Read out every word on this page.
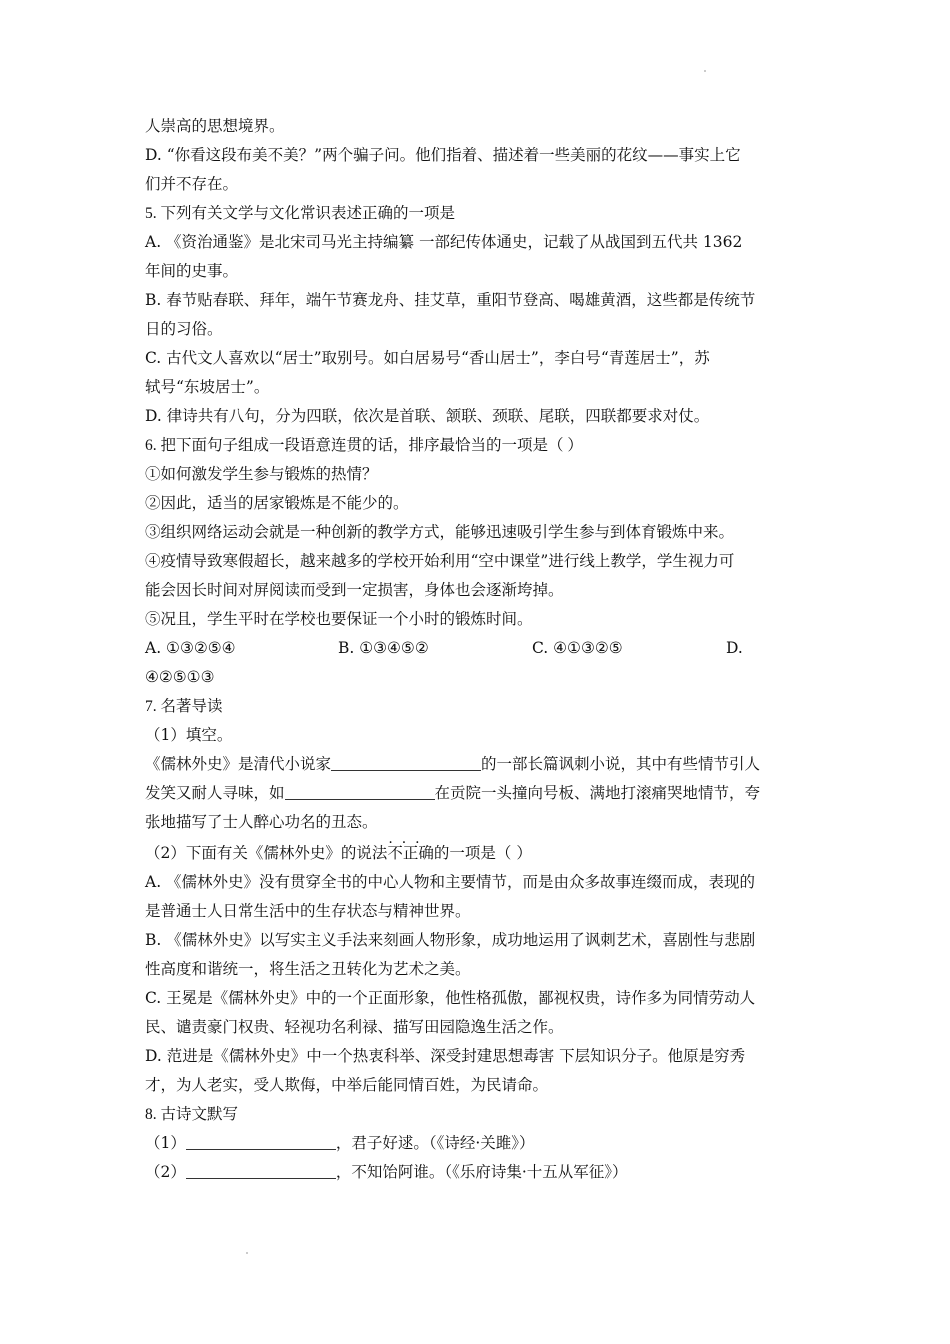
人崇高的思想境界。
D. “你看这段布美不美？”两个骗子问。他们指着、描述着一些美丽的花纹——事实上它
们并不存在。
5. 下列有关文学与文化常识表述正确的一项是
A. 《资治通鉴》是北宋司马光主持编纂 一部纪传体通史，记载了从战国到五代共 1362
年间的史事。
B. 春节贴春联、拜年，端午节赛龙舟、挂艾草，重阳节登高、喝雄黄酒，这些都是传统节
日的习俗。
C. 古代文人喜欢以“居士”取别号。如白居易号“香山居士”，李白号“青莲居士”，苏
轼号“东坡居士”。
D. 律诗共有八句，分为四联，依次是首联、颔联、颈联、尾联，四联都要求对仗。
6. 把下面句子组成一段语意连贯的话，排序最恰当的一项是（ ）
①如何激发学生参与锻炼的热情？
②因此，适当的居家锻炼是不能少的。
③组织网络运动会就是一种创新的教学方式，能够迅速吸引学生参与到体育锻炼中来。
④疫情导致寒假超长，越来越多的学校开始利用“空中课堂”进行线上教学，学生视力可
能会因长时间对屏阅读而受到一定损害，身体也会逐渐垮掉。
⑤况且，学生平时在学校也要保证一个小时的锻炼时间。
A. ①③②⑤④	B. ①③④⑤②	C. ④①③②⑤	D.
④②⑤①③
7. 名著导读
（1）填空。
《儒林外史》是清代小说家	的一部长篇讽刺小说，其中有些情节引人
发笑又耐人寻味，如	在贡院一头撞向号板、满地打滚痛哭地情节，夸
张地描写了士人醉心功名的丑态。
（2）下面有关《儒林外史》的说法· · · 不正确的一项是（ ）
A. 《儒林外史》没有贯穿全书的中心人物和主要情节，而是由众多故事连缀而成，表现的
是普通士人日常生活中的生存状态与精神世界。
B. 《儒林外史》以写实主义手法来刻画人物形象，成功地运用了讽刺艺术，喜剧性与悲剧
性高度和谐统一，将生活之丑转化为艺术之美。
C. 王冕是《儒林外史》中的一个正面形象，他性格孤傲，鄙视权贵，诗作多为同情劳动人
民、谴责豪门权贵、轻视功名利禄、描写田园隐逸生活之作。
D. 范进是《儒林外史》中一个热衷科举、深受封建思想毒害 下层知识分子。他原是穷秀
才，为人老实，受人欺侮，中举后能同情百姓，为民请命。
8. 古诗文默写
（1）	，君子好逑。（《诗经·关雎》）
（2）	，不知饴阿谁。（《乐府诗集·十五从军征》）
